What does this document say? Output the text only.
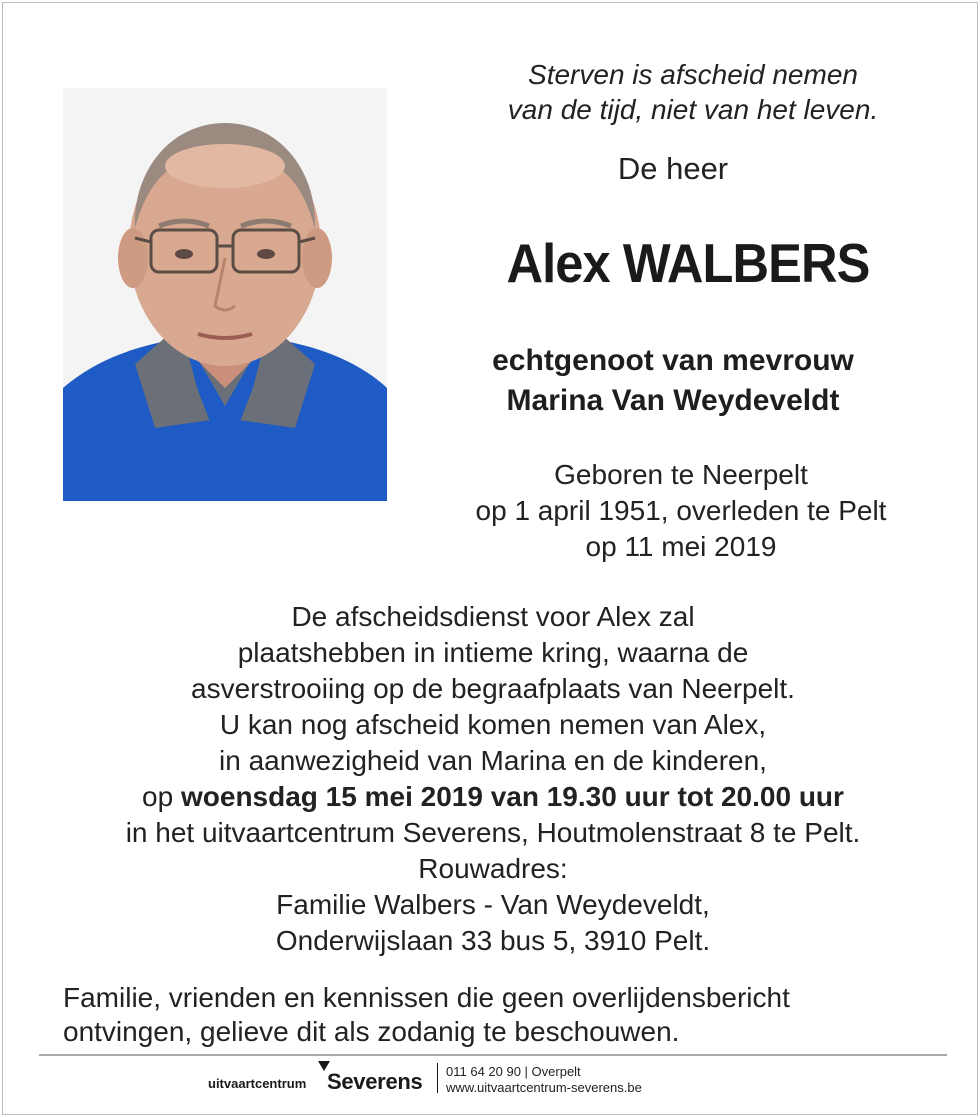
Sterven is afscheid nemen
van de tijd, niet van het leven.
De heer
Alex WALBERS
echtgenoot van mevrouw
Marina Van Weydeveldt
Geboren te Neerpelt
op 1 april 1951, overleden te Pelt
op 11 mei 2019
De afscheidsdienst voor Alex zal
plaatshebben in intieme kring, waarna de
asverstrooiing op de begraafplaats van Neerpelt.
U kan nog afscheid komen nemen van Alex,
in aanwezigheid van Marina en de kinderen,
op woensdag 15 mei 2019 van 19.30 uur tot 20.00 uur
in het uitvaartcentrum Severens, Houtmolenstraat 8 te Pelt.
Rouwadres:
Familie Walbers - Van Weydeveldt,
Onderwijslaan 33 bus 5, 3910 Pelt.
Familie, vrienden en kennissen die geen overlijdensbericht
ontvingen, gelieve dit als zodanig te beschouwen.
uitvaartcentrum Severens 011 64 20 90 | Overpelt
www.uitvaartcentrum-severens.be
